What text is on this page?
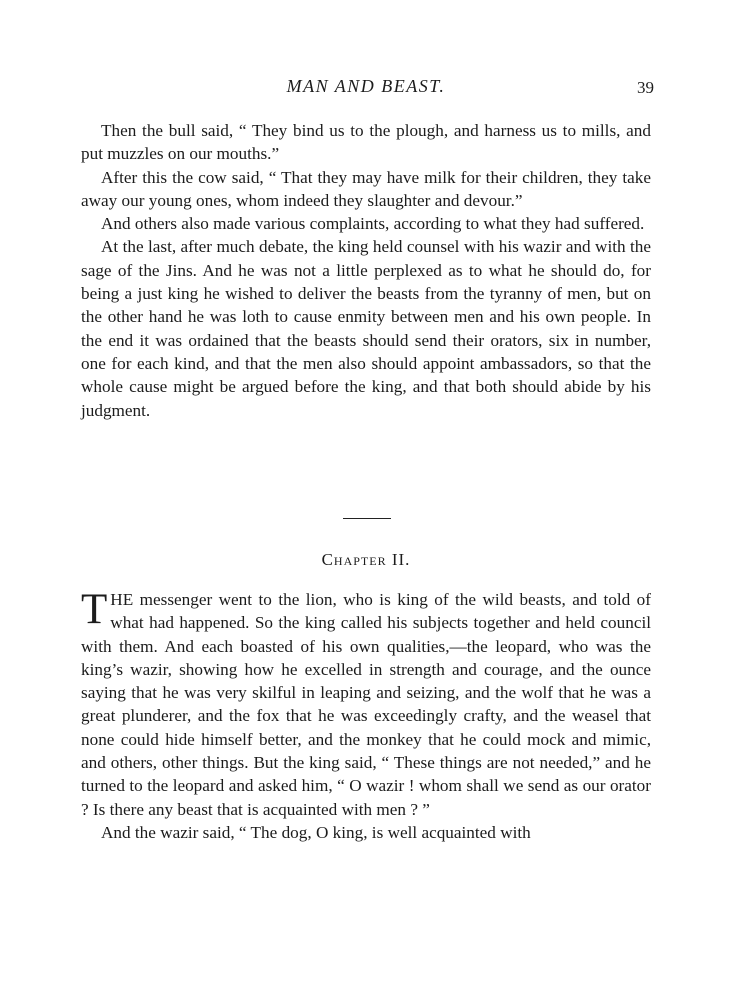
MAN AND BEAST.	39

Then the bull said, “ They bind us to the plough, and harness us to mills, and put muzzles on our mouths.”

After this the cow said, “ That they may have milk for their children, they take away our young ones, whom indeed they slaughter and devour.”

And others also made various complaints, according to what they had suffered.

At the last, after much debate, the king held counsel with his wazir and with the sage of the Jins. And he was not a little perplexed as to what he should do, for being a just king he wished to deliver the beasts from the tyranny of men, but on the other hand he was loth to cause enmity between men and his own people. In the end it was ordained that the beasts should send their orators, six in number, one for each kind, and that the men also should appoint ambassadors, so that the whole cause might be argued before the king, and that both should abide by his judgment.

Chapter II.

THE messenger went to the lion, who is king of the wild beasts, and told of what had happened. So the king called his subjects together and held council with them. And each boasted of his own qualities,—the leopard, who was the king’s wazir, showing how he excelled in strength and courage, and the ounce saying that he was very skilful in leaping and seizing, and the wolf that he was a great plunderer, and the fox that he was exceedingly crafty, and the weasel that none could hide himself better, and the monkey that he could mock and mimic, and others, other things. But the king said, “ These things are not needed,” and he turned to the leopard and asked him, “ O wazir ! whom shall we send as our orator ? Is there any beast that is acquainted with men ? ”

And the wazir said, “ The dog, O king, is well acquainted with
